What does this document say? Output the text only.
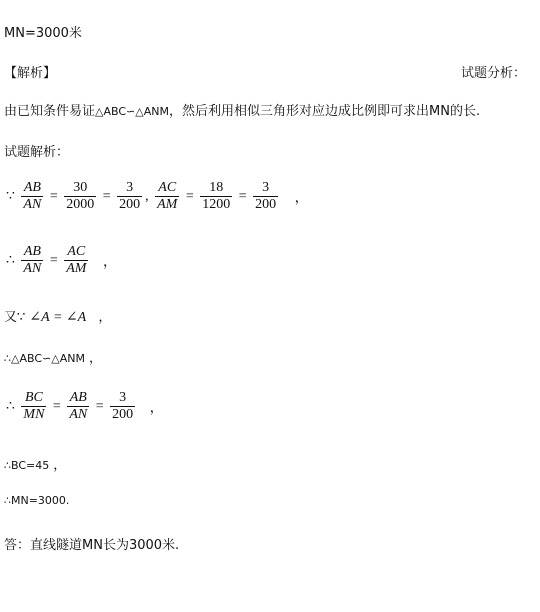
MN=3000米
【解析】	试题分析：
由已知条件易证△ABC∽△ANM，然后利用相似三角形对应边成比例即可求出MN的长.
试题解析：
∵ $\frac{AB}{AN} = \frac{30}{2000} = \frac{3}{200}$ , $\frac{AC}{AM} = \frac{18}{1200} = \frac{3}{200}$ ，
∴ $\frac{AB}{AN} = \frac{AC}{AM}$ ，
又∵ ∠A = ∠A ，
∴△ABC∽△ANM ，
∴ $\frac{BC}{MN} = \frac{AB}{AN} = \frac{3}{200}$ ，
∴BC=45 ，
∴MN=3000.
答：直线隧道MN长为3000米.
